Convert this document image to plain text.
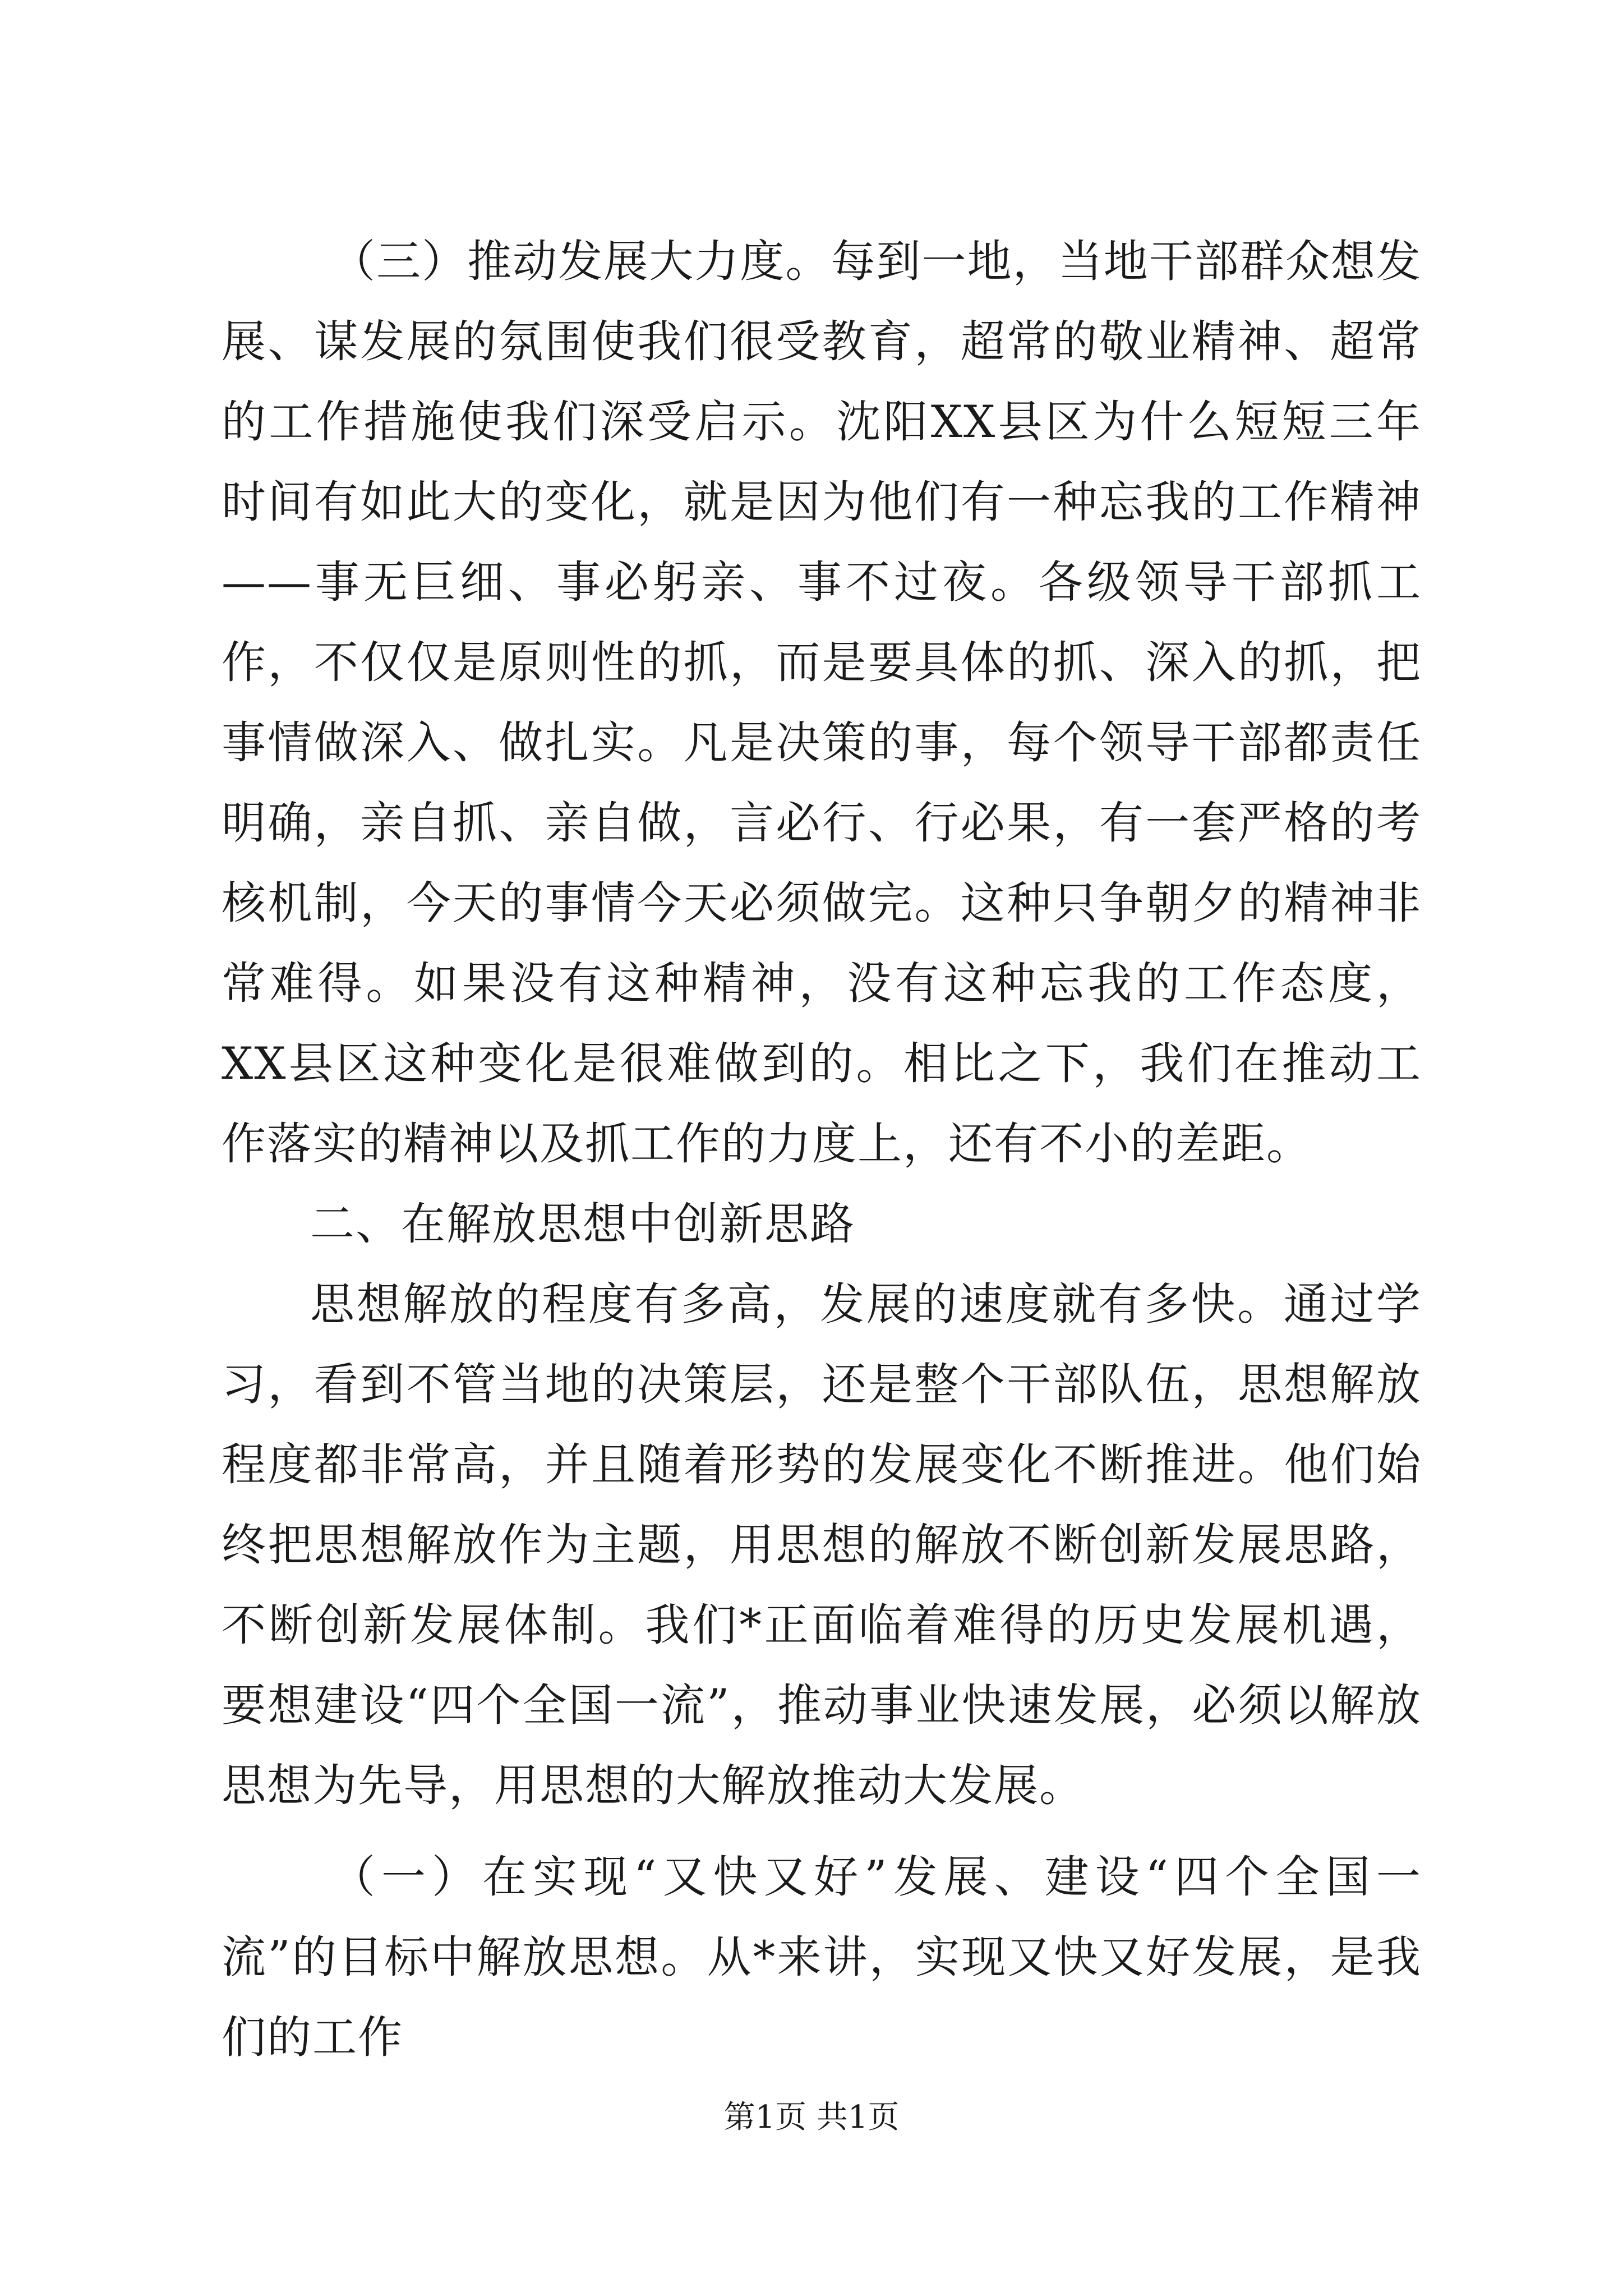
（三）推动发展大力度。每到一地，当地干部群众想发展、谋发展的氛围使我们很受教育，超常的敬业精神、超常的工作措施使我们深受启示。沈阳XX县区为什么短短三年时间有如此大的变化，就是因为他们有一种忘我的工作精神——事无巨细、事必躬亲、事不过夜。各级领导干部抓工作，不仅仅是原则性的抓，而是要具体的抓、深入的抓，把事情做深入、做扎实。凡是决策的事，每个领导干部都责任明确，亲自抓、亲自做，言必行、行必果，有一套严格的考核机制，今天的事情今天必须做完。这种只争朝夕的精神非常难得。如果没有这种精神，没有这种忘我的工作态度，XX县区这种变化是很难做到的。相比之下，我们在推动工作落实的精神以及抓工作的力度上，还有不小的差距。

二、在解放思想中创新思路

思想解放的程度有多高，发展的速度就有多快。通过学习，看到不管当地的决策层，还是整个干部队伍，思想解放程度都非常高，并且随着形势的发展变化不断推进。他们始终把思想解放作为主题，用思想的解放不断创新发展思路，不断创新发展体制。我们*正面临着难得的历史发展机遇，要想建设“四个全国一流”，推动事业快速发展，必须以解放思想为先导，用思想的大解放推动大发展。

（一）在实现“又快又好”发展、建设“四个全国一流”的目标中解放思想。从*来讲，实现又快又好发展，是我们的工作

第1页 共1页
